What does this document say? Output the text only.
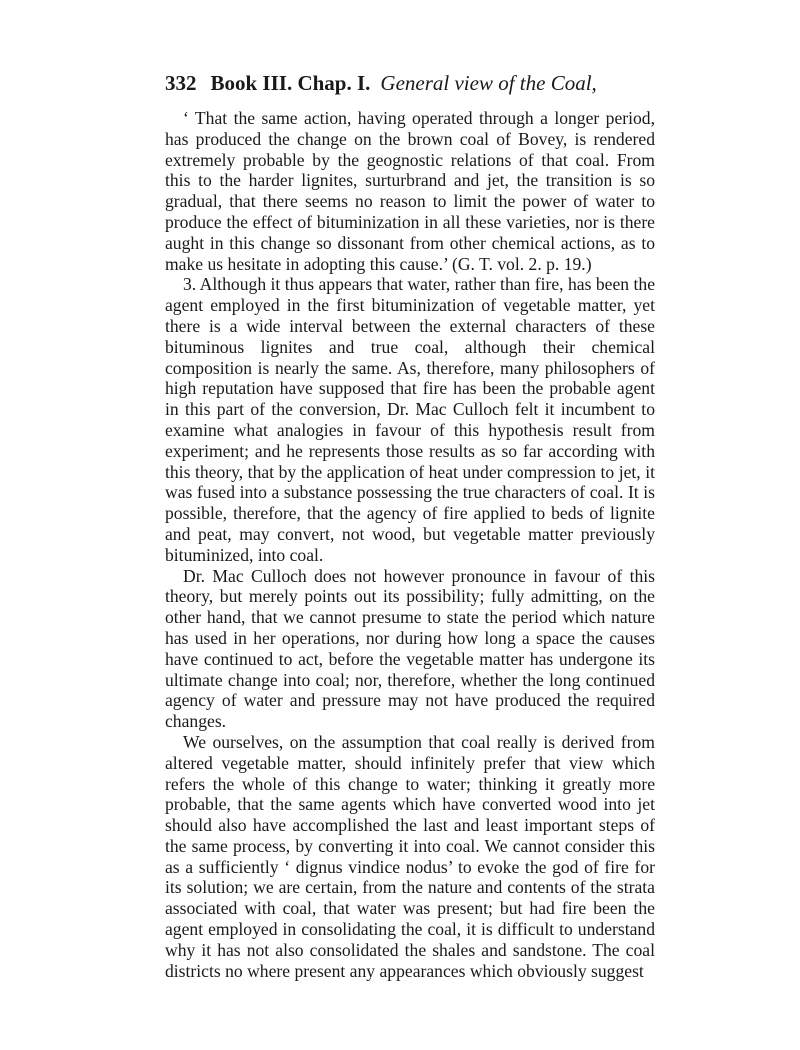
332 Book III. Chap. I. General view of the Coal,

‘ That the same action, having operated through a longer period, has produced the change on the brown coal of Bovey, is rendered extremely probable by the geognostic relations of that coal. From this to the harder lignites, surturbrand and jet, the transition is so gradual, that there seems no reason to limit the power of water to produce the effect of bituminization in all these varieties, nor is there aught in this change so dissonant from other chemical actions, as to make us hesitate in adopting this cause.’ (G. T. vol. 2. p. 19.)

3. Although it thus appears that water, rather than fire, has been the agent employed in the first bituminization of vegetable matter, yet there is a wide interval between the external characters of these bituminous lignites and true coal, although their chemical composition is nearly the same. As, therefore, many philosophers of high reputation have supposed that fire has been the probable agent in this part of the conversion, Dr. Mac Culloch felt it incumbent to examine what analogies in favour of this hypothesis result from experiment; and he represents those results as so far according with this theory, that by the application of heat under compression to jet, it was fused into a substance possessing the true characters of coal. It is possible, therefore, that the agency of fire applied to beds of lignite and peat, may convert, not wood, but vegetable matter previously bituminized, into coal.

Dr. Mac Culloch does not however pronounce in favour of this theory, but merely points out its possibility; fully admitting, on the other hand, that we cannot presume to state the period which nature has used in her operations, nor during how long a space the causes have continued to act, before the vegetable matter has undergone its ultimate change into coal; nor, therefore, whether the long continued agency of water and pressure may not have produced the required changes.

We ourselves, on the assumption that coal really is derived from altered vegetable matter, should infinitely prefer that view which refers the whole of this change to water; thinking it greatly more probable, that the same agents which have converted wood into jet should also have accomplished the last and least important steps of the same process, by converting it into coal. We cannot consider this as a sufficiently ‘ dignus vindice nodus’ to evoke the god of fire for its solution; we are certain, from the nature and contents of the strata associated with coal, that water was present; but had fire been the agent employed in consolidating the coal, it is difficult to understand why it has not also consolidated the shales and sandstone. The coal districts no where present any appearances which obviously suggest
